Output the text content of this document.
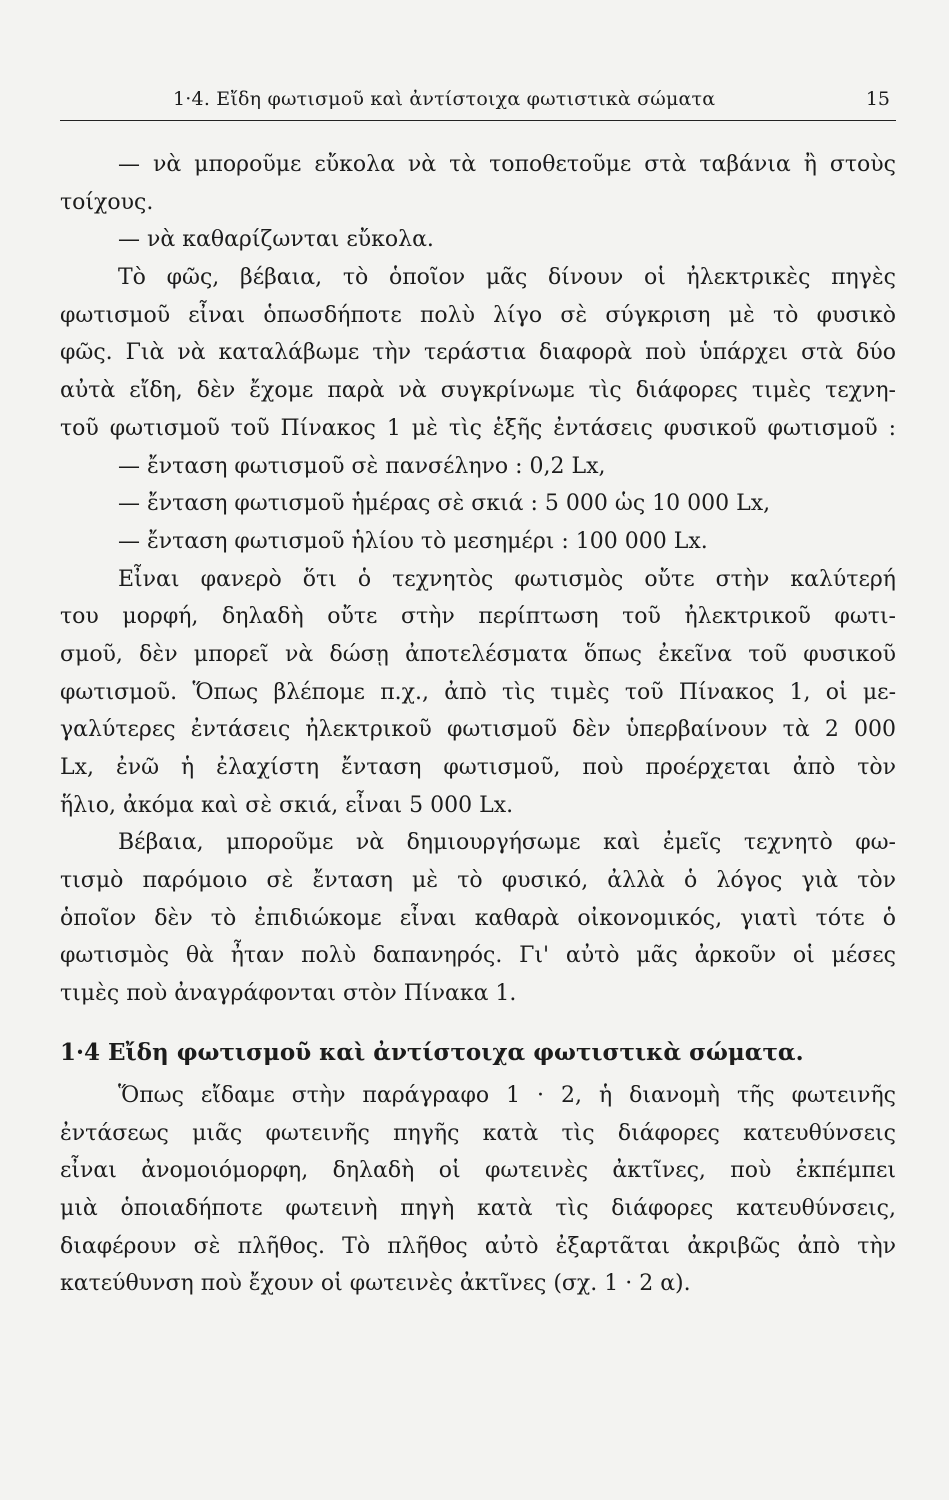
1·4. Εἴδη φωτισμοῦ καὶ ἀντίστοιχα φωτιστικὰ σώματα	15
— νὰ μποροῦμε εὔκολα νὰ τὰ τοποθετοῦμε στὰ ταβάνια ἢ στοὺς
τοίχους.
— νὰ καθαρίζωνται εὔκολα.
Τὸ φῶς, βέβαια, τὸ ὁποῖον μᾶς δίνουν οἱ ἠλεκτρικὲς πηγὲς
φωτισμοῦ εἶναι ὁπωσδήποτε πολὺ λίγο σὲ σύγκριση μὲ τὸ φυσικὸ
φῶς. Γιὰ νὰ καταλάβωμε τὴν τεράστια διαφορὰ ποὺ ὑπάρχει στὰ δύο
αὐτὰ εἴδη, δὲν ἔχομε παρὰ νὰ συγκρίνωμε τὶς διάφορες τιμὲς τεχνη-
τοῦ φωτισμοῦ τοῦ Πίνακος 1 μὲ τὶς ἑξῆς ἐντάσεις φυσικοῦ φωτισμοῦ :
— ἔνταση φωτισμοῦ σὲ πανσέληνο : 0,2 Lx,
— ἔνταση φωτισμοῦ ἡμέρας σὲ σκιά : 5 000 ὡς 10 000 Lx,
— ἔνταση φωτισμοῦ ἡλίου τὸ μεσημέρι : 100 000 Lx.
Εἶναι φανερὸ ὅτι ὁ τεχνητὸς φωτισμὸς οὔτε στὴν καλύτερή
του μορφή, δηλαδὴ οὔτε στὴν περίπτωση τοῦ ἠλεκτρικοῦ φωτι-
σμοῦ, δὲν μπορεῖ νὰ δώσῃ ἀποτελέσματα ὅπως ἐκεῖνα τοῦ φυσικοῦ
φωτισμοῦ. Ὅπως βλέπομε π.χ., ἀπὸ τὶς τιμὲς τοῦ Πίνακος 1, οἱ με-
γαλύτερες ἐντάσεις ἠλεκτρικοῦ φωτισμοῦ δὲν ὑπερβαίνουν τὰ 2 000
Lx, ἐνῶ ἡ ἐλαχίστη ἔνταση φωτισμοῦ, ποὺ προέρχεται ἀπὸ τὸν
ἥλιο, ἀκόμα καὶ σὲ σκιά, εἶναι 5 000 Lx.
Βέβαια, μποροῦμε νὰ δημιουργήσωμε καὶ ἐμεῖς τεχνητὸ φω-
τισμὸ παρόμοιο σὲ ἔνταση μὲ τὸ φυσικό, ἀλλὰ ὁ λόγος γιὰ τὸν
ὁποῖον δὲν τὸ ἐπιδιώκομε εἶναι καθαρὰ οἰκονομικός, γιατὶ τότε ὁ
φωτισμὸς θὰ ἦταν πολὺ δαπανηρός. Γι' αὐτὸ μᾶς ἀρκοῦν οἱ μέσες
τιμὲς ποὺ ἀναγράφονται στὸν Πίνακα 1.
1·4 Εἴδη φωτισμοῦ καὶ ἀντίστοιχα φωτιστικὰ σώματα.
Ὅπως εἴδαμε στὴν παράγραφο 1 · 2, ἡ διανομὴ τῆς φωτεινῆς
ἐντάσεως μιᾶς φωτεινῆς πηγῆς κατὰ τὶς διάφορες κατευθύνσεις
εἶναι ἀνομοιόμορφη, δηλαδὴ οἱ φωτεινὲς ἀκτῖνες, ποὺ ἐκπέμπει
μιὰ ὁποιαδήποτε φωτεινὴ πηγὴ κατὰ τὶς διάφορες κατευθύνσεις,
διαφέρουν σὲ πλῆθος. Τὸ πλῆθος αὐτὸ ἐξαρτᾶται ἀκριβῶς ἀπὸ τὴν
κατεύθυνση ποὺ ἔχουν οἱ φωτεινὲς ἀκτῖνες (σχ. 1 · 2 α).
